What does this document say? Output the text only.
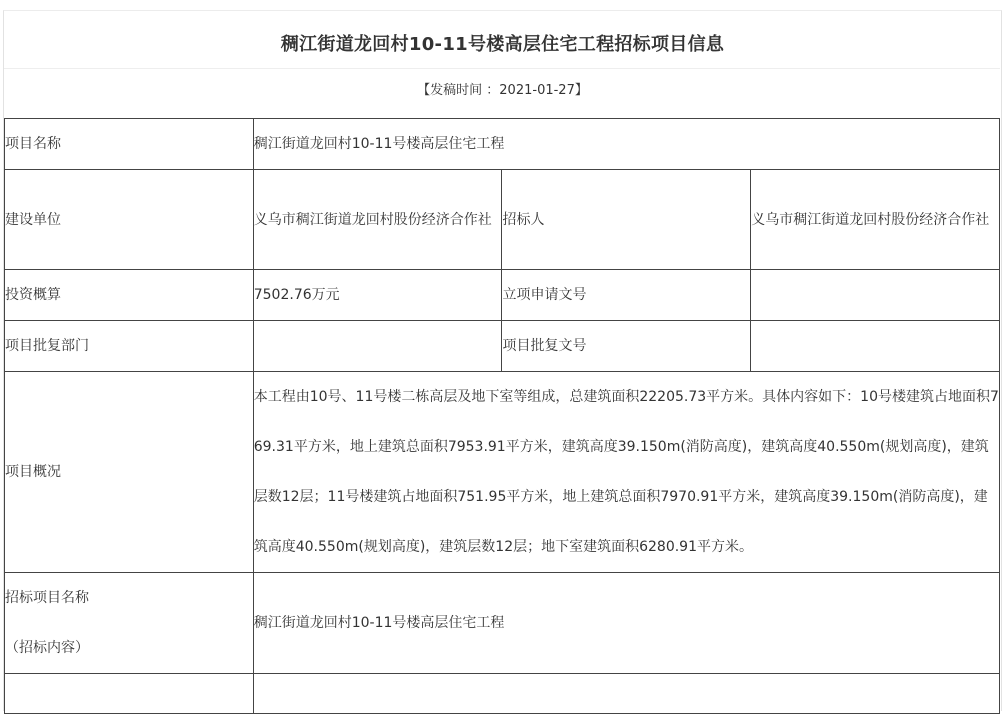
稠江街道龙回村10-11号楼高层住宅工程招标项目信息
【发稿时间 ：2021-01-27】
项目名称	稠江街道龙回村10-11号楼高层住宅工程		
建设单位	义乌市稠江街道龙回村股份经济合作社	招标人	义乌市稠江街道龙回村股份经济合作社
投资概算	7502.76万元	立项申请文号	
项目批复部门		项目批复文号	
项目概况	本工程由10号、11号楼二栋高层及地下室等组成，总建筑面积22205.73平方米。具体内容如下：10号楼建筑占地面积769.31平方米，地上建筑总面积7953.91平方米，建筑高度39.150m(消防高度)，建筑高度40.550m(规划高度)，建筑层数12层；11号楼建筑占地面积751.95平方米，地上建筑总面积7970.91平方米，建筑高度39.150m(消防高度)，建筑高度40.550m(规划高度)，建筑层数12层；地下室建筑面积6280.91平方米。		

招标项目名称
（招标内容）	稠江街道龙回村10-11号楼高层住宅工程		
